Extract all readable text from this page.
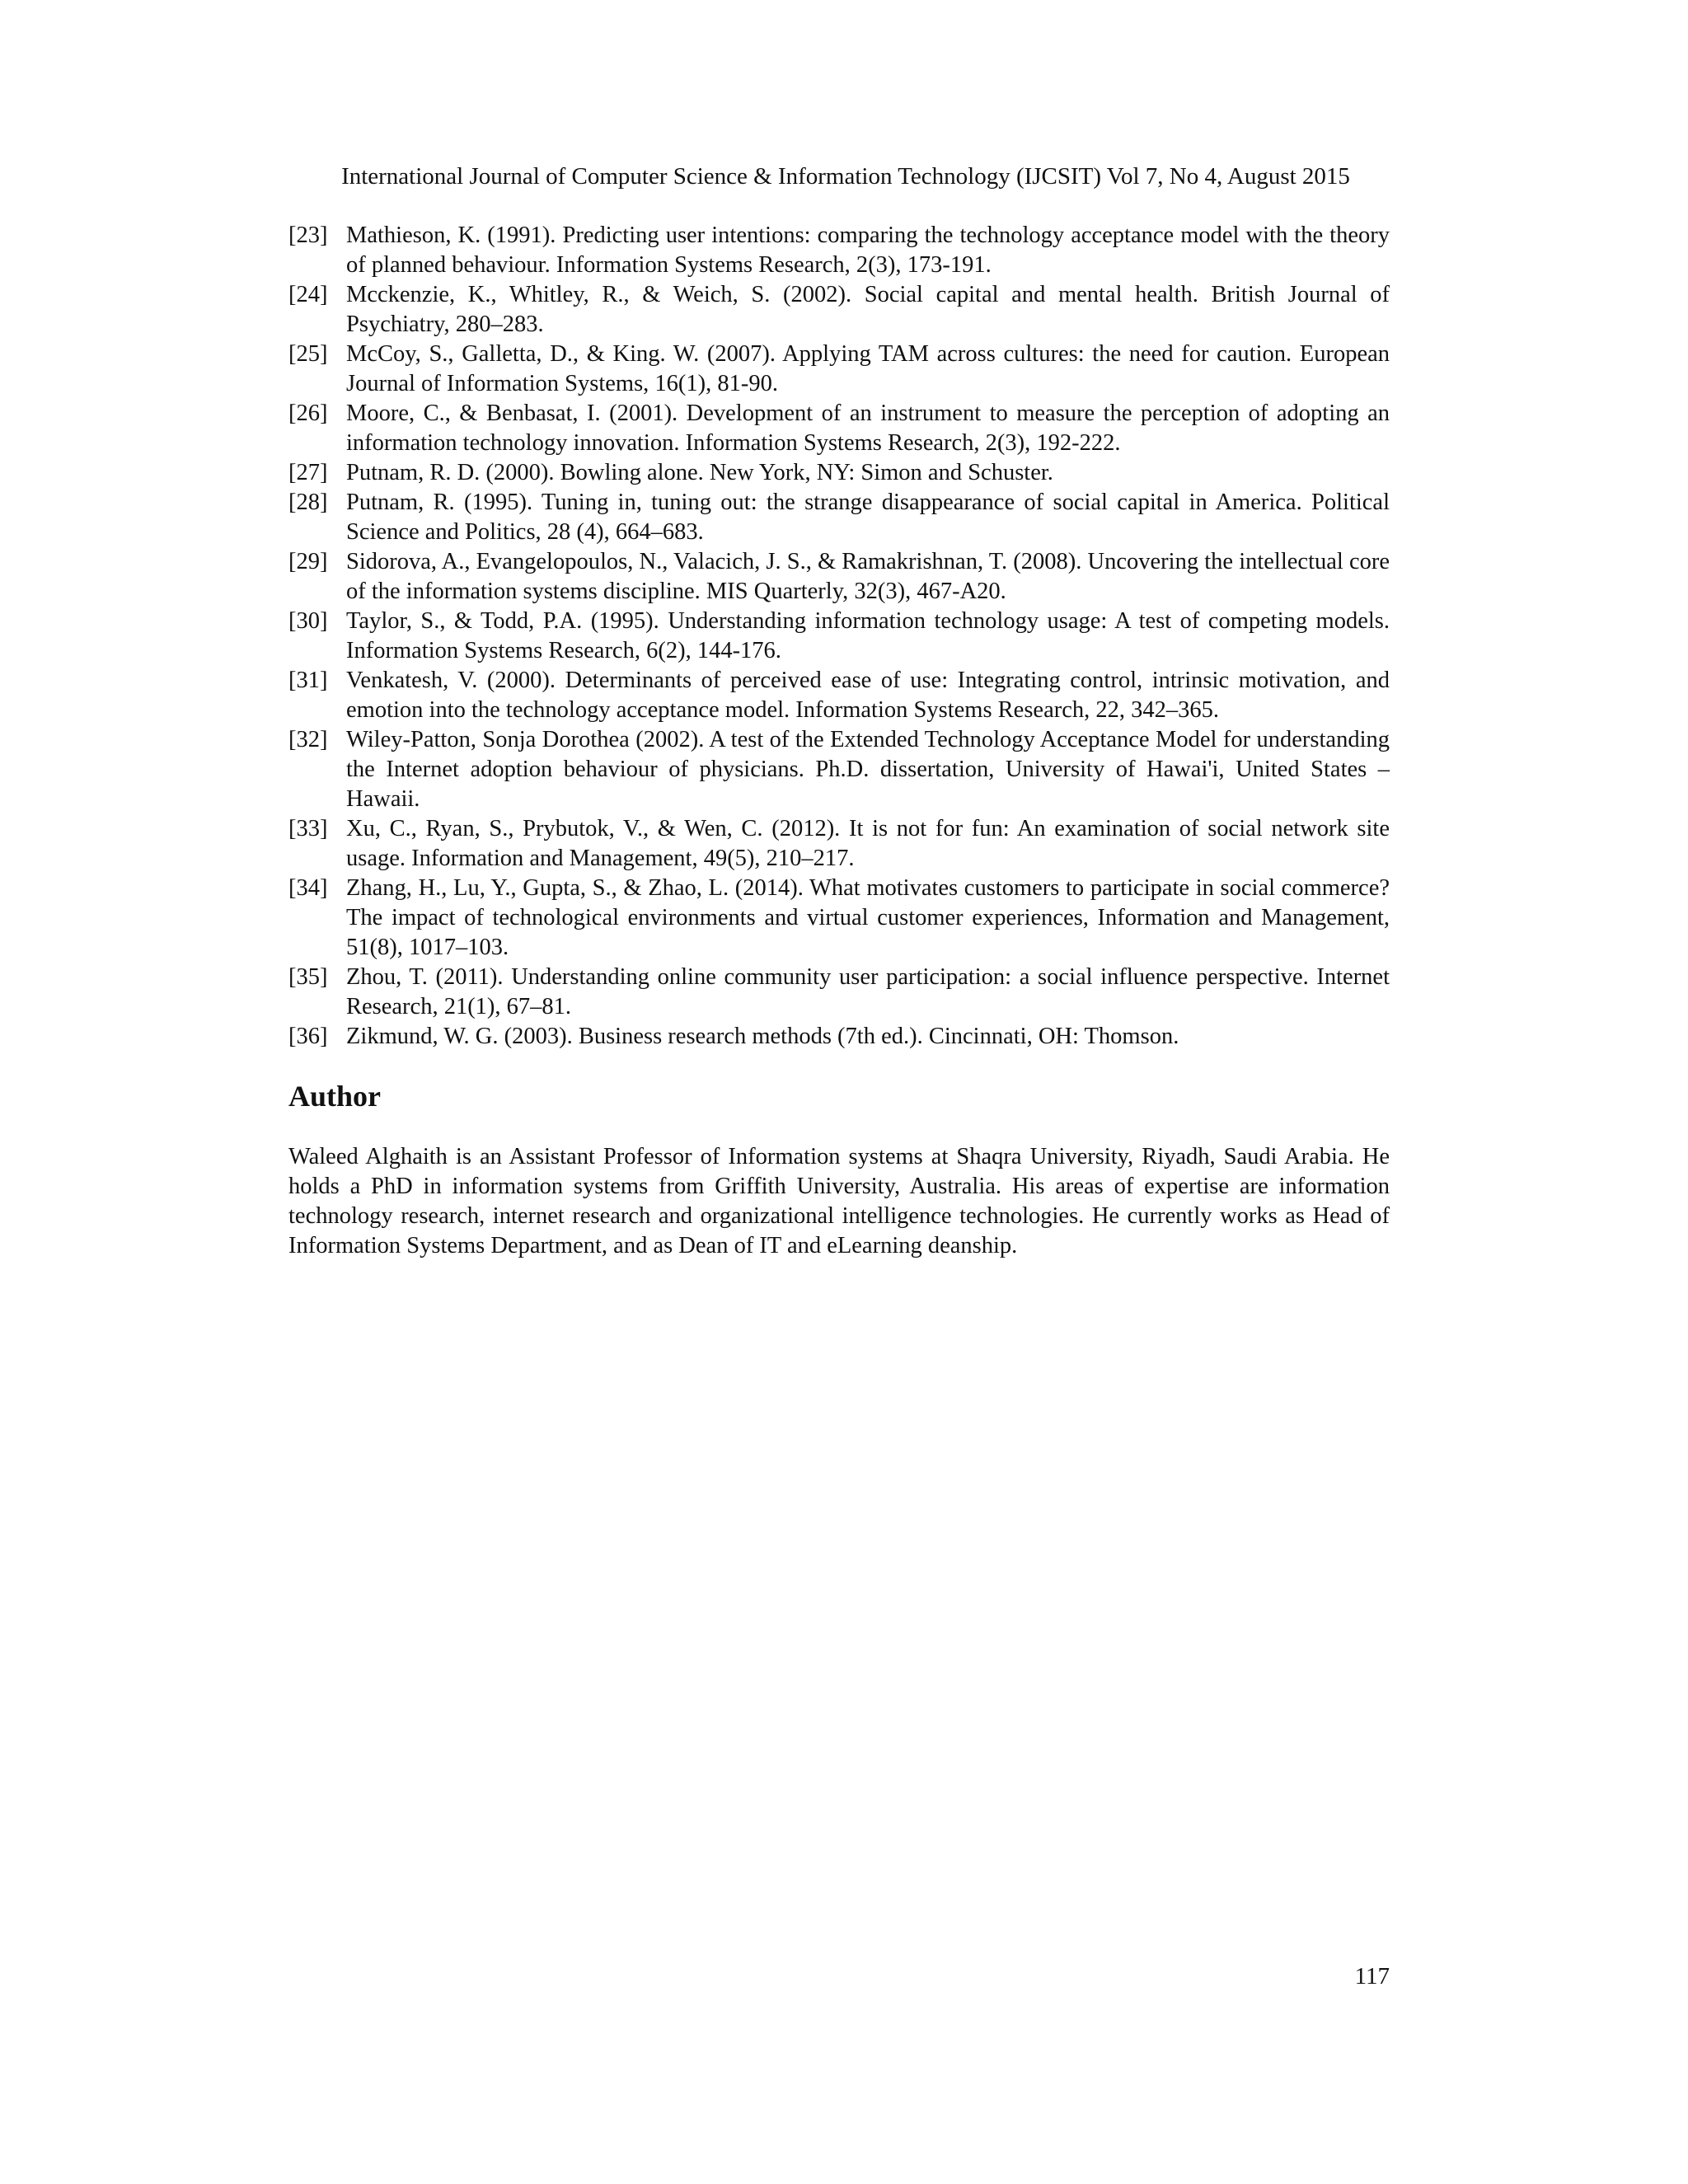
International Journal of Computer Science & Information Technology (IJCSIT) Vol 7, No 4, August 2015
[23] Mathieson, K. (1991). Predicting user intentions: comparing the technology acceptance model with the theory of planned behaviour. Information Systems Research, 2(3), 173-191.
[24] Mcckenzie, K., Whitley, R., & Weich, S. (2002). Social capital and mental health. British Journal of Psychiatry, 280–283.
[25] McCoy, S., Galletta, D., & King. W. (2007). Applying TAM across cultures: the need for caution. European Journal of Information Systems, 16(1), 81-90.
[26] Moore, C., & Benbasat, I. (2001). Development of an instrument to measure the perception of adopting an information technology innovation. Information Systems Research, 2(3), 192-222.
[27] Putnam, R. D. (2000). Bowling alone. New York, NY: Simon and Schuster.
[28] Putnam, R. (1995). Tuning in, tuning out: the strange disappearance of social capital in America. Political Science and Politics, 28 (4), 664–683.
[29] Sidorova, A., Evangelopoulos, N., Valacich, J. S., & Ramakrishnan, T. (2008). Uncovering the intellectual core of the information systems discipline. MIS Quarterly, 32(3), 467-A20.
[30] Taylor, S., & Todd, P.A. (1995). Understanding information technology usage: A test of competing models. Information Systems Research, 6(2), 144-176.
[31] Venkatesh, V. (2000). Determinants of perceived ease of use: Integrating control, intrinsic motivation, and emotion into the technology acceptance model. Information Systems Research, 22, 342–365.
[32] Wiley-Patton, Sonja Dorothea (2002). A test of the Extended Technology Acceptance Model for understanding the Internet adoption behaviour of physicians. Ph.D. dissertation, University of Hawai'i, United States – Hawaii.
[33] Xu, C., Ryan, S., Prybutok, V., & Wen, C. (2012). It is not for fun: An examination of social network site usage. Information and Management, 49(5), 210–217.
[34] Zhang, H., Lu, Y., Gupta, S., & Zhao, L. (2014). What motivates customers to participate in social commerce? The impact of technological environments and virtual customer experiences, Information and Management, 51(8), 1017–103.
[35] Zhou, T. (2011). Understanding online community user participation: a social influence perspective. Internet Research, 21(1), 67–81.
[36] Zikmund, W. G. (2003). Business research methods (7th ed.). Cincinnati, OH: Thomson.
Author

Waleed Alghaith is an Assistant Professor of Information systems at Shaqra University, Riyadh, Saudi Arabia. He holds a PhD in information systems from Griffith University, Australia. His areas of expertise are information technology research, internet research and organizational intelligence technologies. He currently works as Head of Information Systems Department, and as Dean of IT and eLearning deanship.

117
